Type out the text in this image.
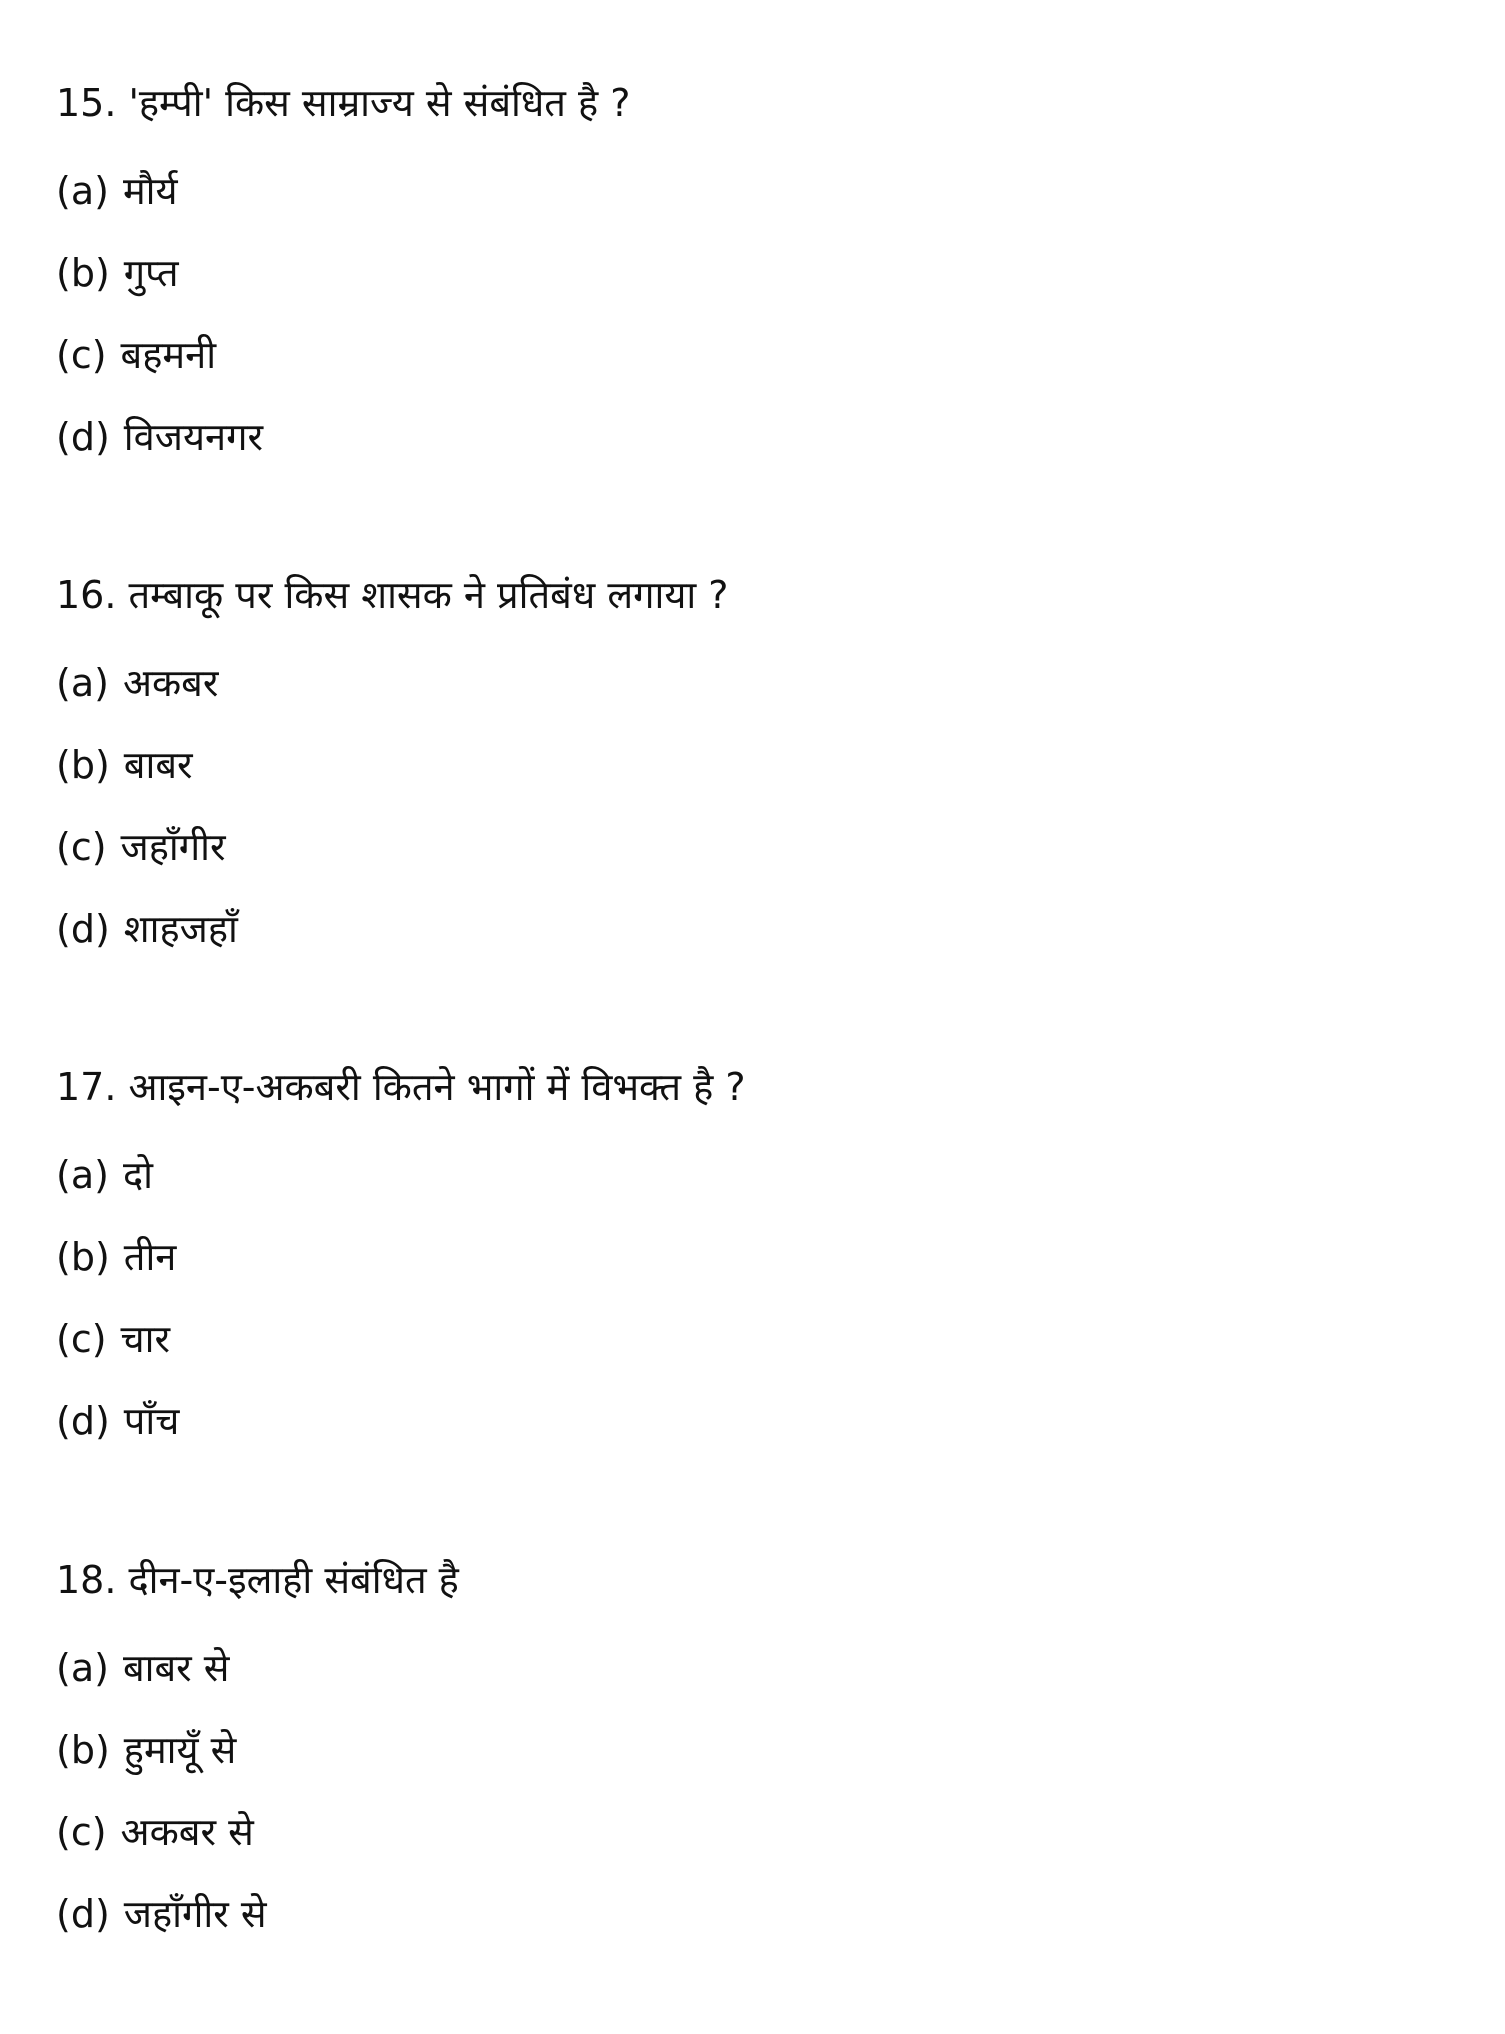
15. 'हम्पी' किस साम्राज्य से संबंधित है ?
(a) मौर्य
(b) गुप्त
(c) बहमनी
(d) विजयनगर
16. तम्बाकू पर किस शासक ने प्रतिबंध लगाया ?
(a) अकबर
(b) बाबर
(c) जहाँगीर
(d) शाहजहाँ
17. आइन-ए-अकबरी कितने भागों में विभक्त है ?
(a) दो
(b) तीन
(c) चार
(d) पाँच
18. दीन-ए-इलाही संबंधित है
(a) बाबर से
(b) हुमायूँ से
(c) अकबर से
(d) जहाँगीर से
